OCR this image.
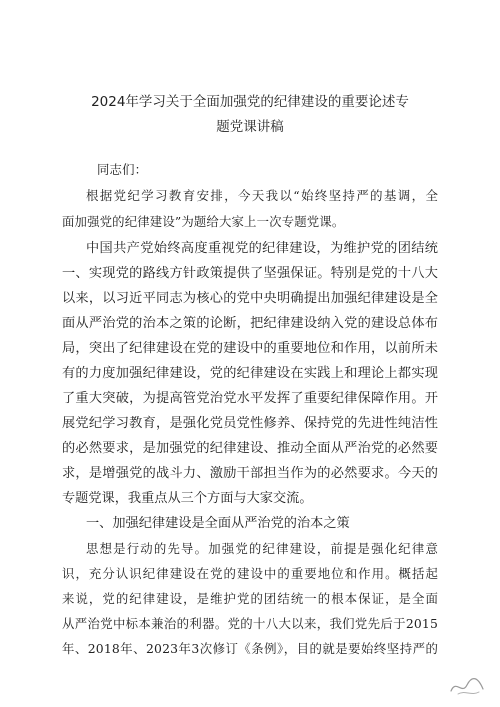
2024年学习关于全面加强党的纪律建设的重要论述专
题党课讲稿
同志们：
根据党纪学习教育安排，今天我以“始终坚持严的基调，全
面加强党的纪律建设”为题给大家上一次专题党课。
中国共产党始终高度重视党的纪律建设，为维护党的团结统
一、实现党的路线方针政策提供了坚强保证。特别是党的十八大
以来，以习近平同志为核心的党中央明确提出加强纪律建设是全
面从严治党的治本之策的论断，把纪律建设纳入党的建设总体布
局，突出了纪律建设在党的建设中的重要地位和作用，以前所未
有的力度加强纪律建设，党的纪律建设在实践上和理论上都实现
了重大突破，为提高管党治党水平发挥了重要纪律保障作用。开
展党纪学习教育，是强化党员党性修养、保持党的先进性纯洁性
的必然要求，是加强党的纪律建设、推动全面从严治党的必然要
求，是增强党的战斗力、激励干部担当作为的必然要求。今天的
专题党课，我重点从三个方面与大家交流。
一、加强纪律建设是全面从严治党的治本之策
思想是行动的先导。加强党的纪律建设，前提是强化纪律意
识，充分认识纪律建设在党的建设中的重要地位和作用。概括起
来说，党的纪律建设，是维护党的团结统一的根本保证，是全面
从严治党中标本兼治的利器。党的十八大以来，我们党先后于2015
年、2018年、2023年3次修订《条例》，目的就是要始终坚持严的
